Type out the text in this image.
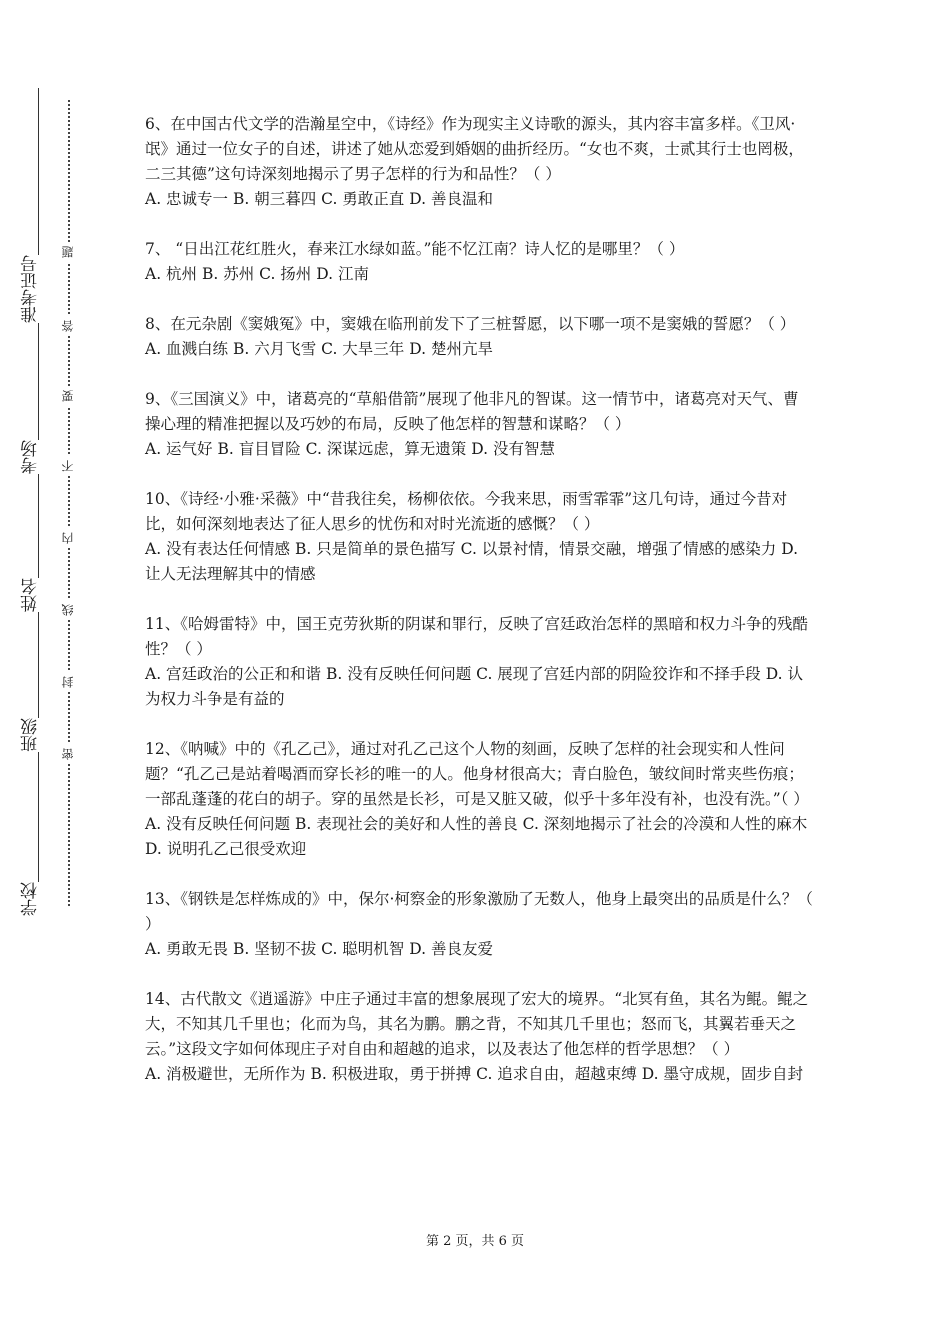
准考证号
考场
姓名
班级
学校
题
答
要
不
内
线
封
密

6、在中国古代文学的浩瀚星空中，《诗经》作为现实主义诗歌的源头，其内容丰富多样。《卫风·氓》通过一位女子的自述，讲述了她从恋爱到婚姻的曲折经历。“女也不爽，士贰其行士也罔极，二三其德”这句诗深刻地揭示了男子怎样的行为和品性？（ ）

A. 忠诚专一 B. 朝三暮四 C. 勇敢正直 D. 善良温和

7、 “日出江花红胜火，春来江水绿如蓝。”能不忆江南？诗人忆的是哪里？（ ）

A. 杭州 B. 苏州 C. 扬州 D. 江南

8、在元杂剧《窦娥冤》中，窦娥在临刑前发下了三桩誓愿，以下哪一项不是窦娥的誓愿？（ ）

A. 血溅白练 B. 六月飞雪 C. 大旱三年 D. 楚州亢旱

9、《三国演义》中，诸葛亮的“草船借箭”展现了他非凡的智谋。这一情节中，诸葛亮对天气、曹操心理的精准把握以及巧妙的布局，反映了他怎样的智慧和谋略？（ ）

A. 运气好 B. 盲目冒险 C. 深谋远虑，算无遗策 D. 没有智慧

10、《诗经·小雅·采薇》中“昔我往矣，杨柳依依。今我来思，雨雪霏霏”这几句诗，通过今昔对比，如何深刻地表达了征人思乡的忧伤和对时光流逝的感慨？（ ）

A. 没有表达任何情感 B. 只是简单的景色描写 C. 以景衬情，情景交融，增强了情感的感染力 D. 让人无法理解其中的情感

11、《哈姆雷特》中，国王克劳狄斯的阴谋和罪行，反映了宫廷政治怎样的黑暗和权力斗争的残酷性？（ ）

A. 宫廷政治的公正和和谐 B. 没有反映任何问题 C. 展现了宫廷内部的阴险狡诈和不择手段 D. 认为权力斗争是有益的

12、《呐喊》中的《孔乙己》，通过对孔乙己这个人物的刻画，反映了怎样的社会现实和人性问题？“孔乙己是站着喝酒而穿长衫的唯一的人。他身材很高大；青白脸色，皱纹间时常夹些伤痕；一部乱蓬蓬的花白的胡子。穿的虽然是长衫，可是又脏又破，似乎十多年没有补，也没有洗。”（ ）

A. 没有反映任何问题 B. 表现社会的美好和人性的善良 C. 深刻地揭示了社会的冷漠和人性的麻木 D. 说明孔乙己很受欢迎

13、《钢铁是怎样炼成的》中，保尔·柯察金的形象激励了无数人，他身上最突出的品质是什么？（ ）

A. 勇敢无畏 B. 坚韧不拔 C. 聪明机智 D. 善良友爱

14、古代散文《逍遥游》中庄子通过丰富的想象展现了宏大的境界。“北冥有鱼，其名为鲲。鲲之大，不知其几千里也；化而为鸟，其名为鹏。鹏之背，不知其几千里也；怒而飞，其翼若垂天之云。”这段文字如何体现庄子对自由和超越的追求，以及表达了他怎样的哲学思想？（ ）

A. 消极避世，无所作为 B. 积极进取，勇于拼搏 C. 追求自由，超越束缚 D. 墨守成规，固步自封

第 2 页，共 6 页
